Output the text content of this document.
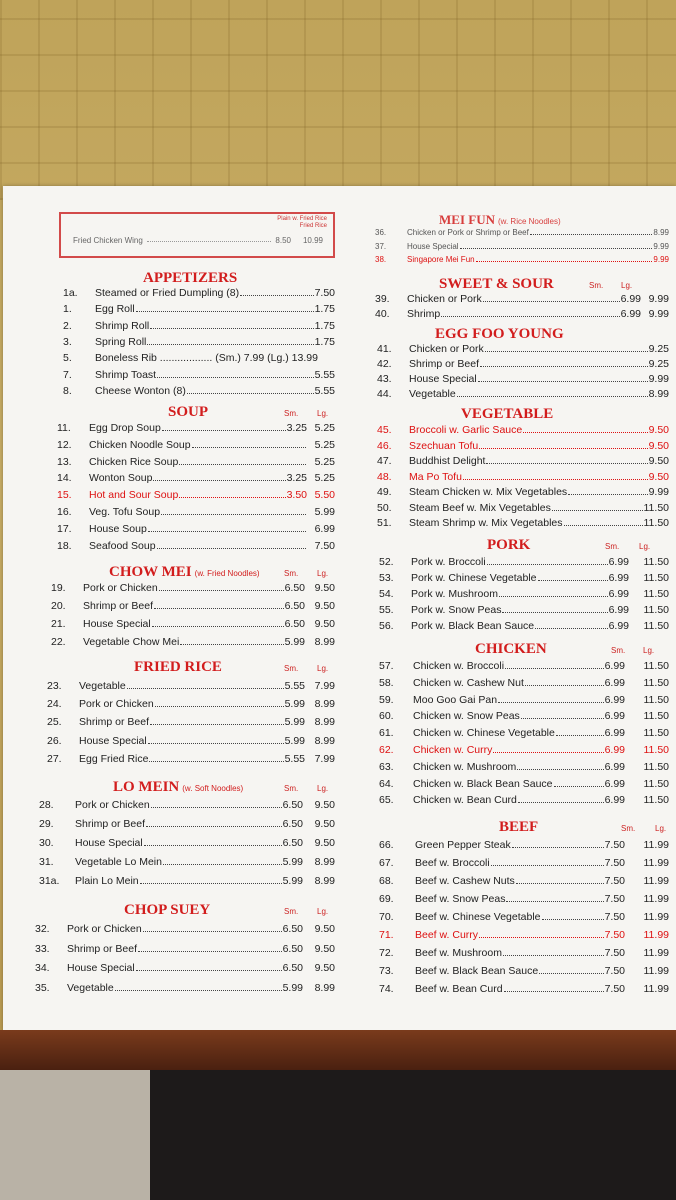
Plain w. Fried Rice
Fried Rice
Fried Chicken Wing	8.50 10.99
APPETIZERS
1a.	Steamed or Fried Dumpling (8)	7.50
1.	Egg Roll	1.75
2.	Shrimp Roll	1.75
3.	Spring Roll	1.75
5.	Boneless Rib .................. (Sm.) 7.99 (Lg.) 13.99
7.	Shrimp Toast	5.55
8.	Cheese Wonton (8)	5.55
SOUP	Sm. Lg.
11.	Egg Drop Soup	3.25 5.25
12.	Chicken Noodle Soup	5.25
13.	Chicken Rice Soup	5.25
14.	Wonton Soup	3.25 5.25
15.	Hot and Sour Soup	3.50 5.50
16.	Veg. Tofu Soup	5.99
17.	House Soup	6.99
18.	Seafood Soup	7.50
CHOW MEI (w. Fried Noodles)	Sm. Lg.
19.	Pork or Chicken	6.50 9.50
20.	Shrimp or Beef	6.50 9.50
21.	House Special	6.50 9.50
22.	Vegetable Chow Mei	5.99 8.99
FRIED RICE	Sm. Lg.
23.	Vegetable	5.55 7.99
24.	Pork or Chicken	5.99 8.99
25.	Shrimp or Beef	5.99 8.99
26.	House Special	5.99 8.99
27.	Egg Fried Rice	5.55 7.99
LO MEIN (w. Soft Noodles)	Sm. Lg.
28.	Pork or Chicken	6.50	9.50
29.	Shrimp or Beef	6.50	9.50
30.	House Special	6.50	9.50
31.	Vegetable Lo Mein	5.99	8.99
31a.	Plain Lo Mein	5.99	8.99
CHOP SUEY	Sm. Lg.
32.	Pork or Chicken	6.50	9.50
33.	Shrimp or Beef	6.50	9.50
34.	House Special	6.50	9.50
35.	Vegetable	5.99	8.99
MEI FUN (w. Rice Noodles)
36.	Chicken or Pork or Shrimp or Beef	8.99
37.	House Special	9.99
38.	Singapore Mei Fun	9.99
SWEET & SOUR	Sm. Lg.
39.	Chicken or Pork	6.99 9.99
40.	Shrimp	6.99 9.99
EGG FOO YOUNG
41.	Chicken or Pork	9.25
42.	Shrimp or Beef	9.25
43.	House Special	9.99
44.	Vegetable	8.99
VEGETABLE
45.	Broccoli w. Garlic Sauce	9.50
46.	Szechuan Tofu	9.50
47.	Buddhist Delight	9.50
48.	Ma Po Tofu	9.50
49.	Steam Chicken w. Mix Vegetables	9.99
50.	Steam Beef w. Mix Vegetables	11.50
51.	Steam Shrimp w. Mix Vegetables	11.50
PORK	Sm. Lg.
52.	Pork w. Broccoli	6.99	11.50
53.	Pork w. Chinese Vegetable	6.99	11.50
54.	Pork w. Mushroom	6.99	11.50
55.	Pork w. Snow Peas	6.99	11.50
56.	Pork w. Black Bean Sauce	6.99	11.50
CHICKEN	Sm. Lg.
57.	Chicken w. Broccoli	6.99	11.50
58.	Chicken w. Cashew Nut	6.99	11.50
59.	Moo Goo Gai Pan	6.99	11.50
60.	Chicken w. Snow Peas	6.99	11.50
61.	Chicken w. Chinese Vegetable	6.99	11.50
62.	Chicken w. Curry	6.99	11.50
63.	Chicken w. Mushroom	6.99	11.50
64.	Chicken w. Black Bean Sauce	6.99	11.50
65.	Chicken w. Bean Curd	6.99	11.50
BEEF	Sm. Lg.
66.	Green Pepper Steak	7.50	11.99
67.	Beef w. Broccoli	7.50	11.99
68.	Beef w. Cashew Nuts	7.50	11.99
69.	Beef w. Snow Peas	7.50	11.99
70.	Beef w. Chinese Vegetable	7.50	11.99
71.	Beef w. Curry	7.50	11.99
72.	Beef w. Mushroom	7.50	11.99
73.	Beef w. Black Bean Sauce	7.50	11.99
74.	Beef w. Bean Curd	7.50	11.99
